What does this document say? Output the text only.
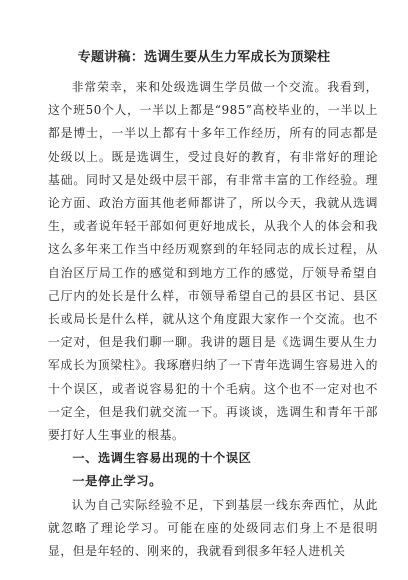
专题讲稿：选调生要从生力军成长为顶梁柱

非常荣幸，来和处级选调生学员做一个交流。我看到，这个班50个人，一半以上都是“985”高校毕业的，一半以上都是博士，一半以上都有十多年工作经历，所有的同志都是处级以上。既是选调生，受过良好的教育，有非常好的理论基础。同时又是处级中层干部，有非常丰富的工作经验。理论方面、政治方面其他老师都讲了，所以今天，我就从选调生，或者说年轻干部如何更好地成长，从我个人的体会和我这么多年来工作当中经历观察到的年轻同志的成长过程，从自治区厅局工作的感觉和到地方工作的感觉，厅领导希望自己厅内的处长是什么样，市领导希望自己的县区书记、县区长或局长是什么样，就从这个角度跟大家作一个交流。也不一定对，但是我们聊一聊。我讲的题目是《选调生要从生力军成长为顶梁柱》。我琢磨归纳了一下青年选调生容易进入的十个误区，或者说容易犯的十个毛病。这个也不一定对也不一定全，但是我们就交流一下。再谈谈，选调生和青年干部要打好人生事业的根基。

一、选调生容易出现的十个误区

一是停止学习。

认为自己实际经验不足，下到基层一线东奔西忙，从此就忽略了理论学习。可能在座的处级同志们身上不是很明显，但是年轻的、刚来的，我就看到很多年轻人进机关
